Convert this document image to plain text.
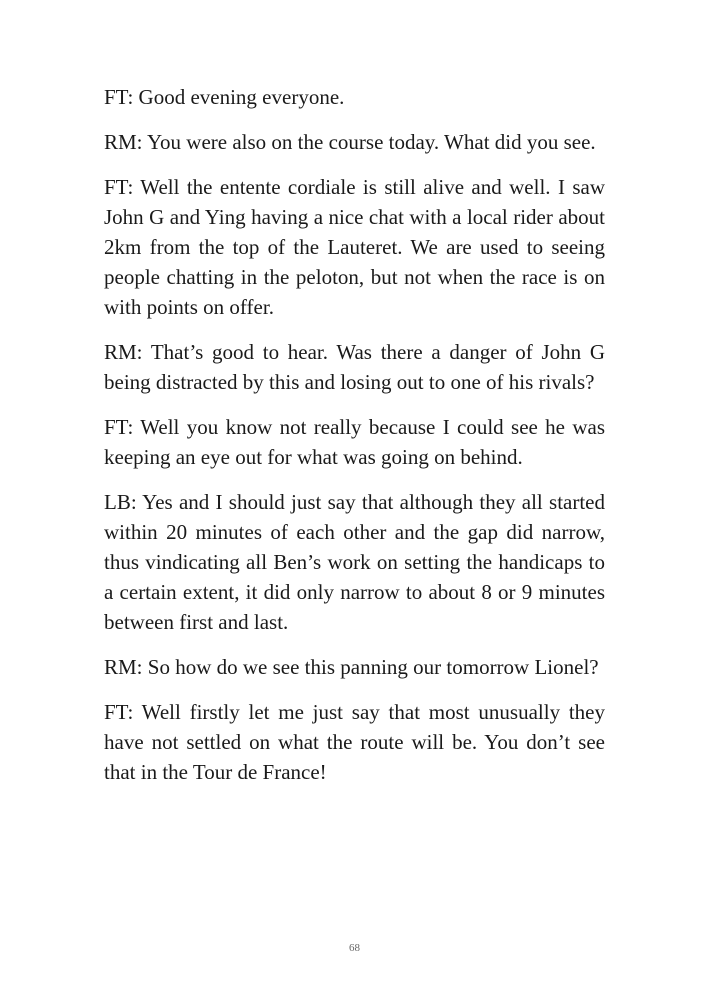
FT: Good evening everyone.

RM: You were also on the course today. What did you see.

FT: Well the entente cordiale is still alive and well. I saw John G and Ying having a nice chat with a local rider about 2km from the top of the Lauteret. We are used to seeing people chatting in the peloton, but not when the race is on with points on offer.

RM: That’s good to hear. Was there a danger of John G being distracted by this and losing out to one of his rivals?

FT: Well you know not really because I could see he was keeping an eye out for what was going on behind.

LB: Yes and I should just say that although they all started within 20 minutes of each other and the gap did narrow, thus vindicating all Ben’s work on setting the handicaps to a certain extent, it did only narrow to about 8 or 9 minutes between first and last.

RM: So how do we see this panning our tomorrow Lionel?

FT: Well firstly let me just say that most unusually they have not settled on what the route will be. You don’t see that in the Tour de France!

68
